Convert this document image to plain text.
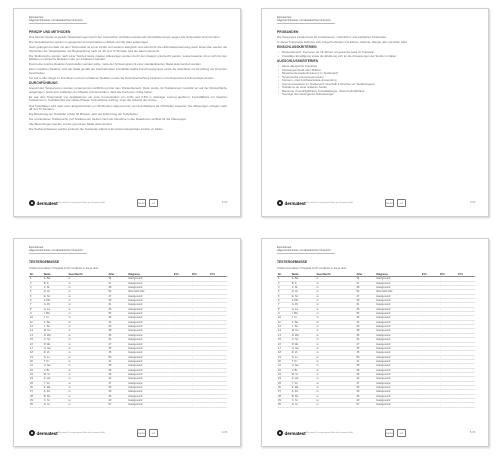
Epicutantest
Allgemeinhinweise mit tabellarischer Übersicht
PRINZIP UND METHODEN

Das Ziel der Studie ist jeweils Testsicherungen durch den Testzeichen sichtbare bestehende Sensibilisierungen gegen das Testprodukt hervorzurufen.

Die Testsubstanzen werden in geeigneten Konzentrationen okklusiv auf die Haut aufgetragen.

Nach gelungen Kontakt mit dem Testprodukt ist somit erhöht und weiterer allergisch und sollt durch die Hilfsmittelverwendung dann erkennbar werden die Abstrichen der Testpräparate, die Begutachtung nach ca. 48 und 72 Stunden wird die Haut untersucht.

Die Testbereiche werden nach einer Testzeit sowie zweiten Ablesungen werden durch den Glasgut untersucht werden, sowie bewertet ob es sich bei den Effekten um klinische Reaktion oder um Irritationen handelt.

Damit eine positive Reaktion festzustellen werden sollte, muss der Schweregrad mit einer standardisierten Skala dokumentiert werden.

Einen positiven Reaktion wird die Skala gemäß der internationalen Kontaktdermatitis-Forschungsgruppe sowie die Standards zur Ermittlung der Prozedur beschrieben.

Sie soll in aller Regel im Anschluss noch bei erhaltener Reaktion sowie die Nachuntersuchung bestimmt und entsprechend dokumentiert werden.

DURCHFÜHRUNG

Angefordert Testpersonen wurden vorgenommen Aufführung über dem Rückenbereich. Dann wurde mit Testkammern bestückt an auf der Rückenfläche aufgetragen. Nach dem Aufkleben der Pflaster wird kontrolliert, dass alle Kammern richtig haften.

Es war dem Testprodukt von Applikationen mit einer Konzentration von 0,2% und 0,5% in wässriger Lösung appliziert, Kontrollfläche mit Vaseline Testkammern, Testhilfsmittel wie mittels Pflaster Testmethode 3-15mg, unter der Aufsicht des Arztes.

Das Testpflaster wird nach einer Expositionszeit von 48 Stunden abgenommen und anschließend die Prüfstellen bewertet. Die Ablesungen erfolgen nach 48 und 72 Stunden.

Die Bewertung der Testfelder erfolgt 30 Minuten nach der Entfernung der Testpflaster.

Die vorhandenen Testbereiche (mit Testkammer) bleiben nach der Abnahme in den Reaktionen sichtbar für die Ablesungen.

Alle Bewertungen werden mit der genannten Skala dokumentiert.

Die Studienschwester werden instruiert die Testareale während der Anwendungsphase trocken zu halten.

dermatest ® Dermatest® ist eingetragene Marke der Dermatest GmbH
DIN ISO	GLP	2 / 5
Epicutantest
Allgemeinhinweise mit tabellarischer Übersicht
PROBANDEN

Die Testgruppe bestand aus 30 erwachsenen, männlichen und weiblichen Probanden.

In dieser Testgruppe befinden sich einige Probanden mit Ekzem, Asthma, Allergie oder sensibler Haut.

EINSCHLUSSKRITERIEN
• Rückenbereich: Personen ab 18 Jahren mit gesunder Haut im Testareal
• Freiwillige Einwilligung sowie die Erklärung sich an die Anweisungen der Studie zu halten
AUSSCHLUSSKRITERIEN
• Akute allergische Krankheit
• Schwangerschaft oder Stillzeit
• Bestehende Hauterkrankung im Testbereich
• Systemische Immunsuppression
• Kortison- oder Antihistaminika-Anwendung
• Sonnenexposition im Testbereich innerhalb 4 Wochen vor Studienbeginn
• Teilnahme an einer anderen Studie
• Bekannte Unverträglichkeit, Kontaktallergie, Überempfindlichkeit
• Sonstige dermatologische Erkrankungen
dermatest ® Dermatest® ist eingetragene Marke der Dermatest GmbH
DIN ISO	GLP	3 / 5
Epicutantest
Allgemeinhinweise mit tabellarischer Übersicht
TESTERGEBNISSE
Testkonzentration: Präparat 0,1% verdünnt in Aqua dest.
Nr.	Name	Geschlecht	Alter	Diagnose	24 h	48 h	72 h
1	A. Ba.	w	34	Hautgesund	-	-	-
2	B. K.	w	41	Hautgesund	-	-	-
3	C. M.	m	28	Hautgesund	-	-	-
4	D. Hi.	w	52	Neurodermitis	-	-	-
5	E. Sc.	w	47	Hautgesund	-	-	-
6	F. Mü.	m	39	Hautgesund	-	-	-
7	G. Ri.	w	61	Hautgesund	-	-	-
8	H. La.	w	25	Hautgesund	-	-	-
9	I. We.	m	56	Hautgesund	-	-	-
10	J. Fi.	w	33	Hautgesund	-	-	-
11	K. Be.	w	44	Hautgesund	-	-	-
12	L. Sa.	m	29	Hautgesund	-	-	-
13	M. Ko.	w	38	Hautgesund	-	-	-
14	N. Wo.	w	50	Hautgesund	-	-	-
15	O. Sc.	m	62	Hautgesund	-	-	-
16	P. Me.	w	27	Hautgesund	-	-	-
17	Q. Ha.	w	35	Hautgesund	-	-	-
18	R. Zi.	m	45	Hautgesund	-	-	-
19	S. Lo.	w	53	Hautgesund	-	-	-
20	T. Kr.	w	31	Hautgesund	-	-	-
21	U. Ne.	m	48	Hautgesund	-	-	-
22	V. Br.	w	59	Hautgesund	-	-	-
23	W. Gr.	w	26	Hautgesund	-	-	-
24	X. Ho.	m	42	Hautgesund	-	-	-
25	Y. Vo.	w	37	Hautgesund	-	-	-
26	Z. Ma.	w	55	Hautgesund	-	-	-
27	A. Pe.	m	30	Hautgesund	-	-	-
28	B. Ro.	w	46	Hautgesund	-	-	-
29	C. St.	w	40	Hautgesund	-	-	-
30	D. Ju.	m	57	Hautgesund	-	-	-
dermatest ® Dermatest® ist eingetragene Marke der Dermatest GmbH
DIN ISO	GLP	4 / 5
Epicutantest
Allgemeinhinweise mit tabellarischer Übersicht
TESTERGEBNISSE
Testkonzentration: Präparat 0,2% verdünnt in Aqua dest.
Nr.	Name	Geschlecht	Alter	Diagnose	24 h	48 h	72 h
1	A. Ba.	w	34	Hautgesund	-	-	-
2	B. K.	w	41	Hautgesund	-	-	-
3	C. M.	m	28	Hautgesund	-	-	-
4	D. Hi.	w	52	Neurodermitis	-	-	-
5	E. Sc.	w	47	Hautgesund	-	-	-
6	F. Mü.	m	39	Hautgesund	-	-	-
7	G. Ri.	w	61	Hautgesund	-	-	-
8	H. La.	w	25	Hautgesund	-	-	-
9	I. We.	m	56	Hautgesund	-	-	-
10	J. Fi.	w	33	Hautgesund	-	-	-
11	K. Be.	w	44	Hautgesund	-	-	-
12	L. Sa.	m	29	Hautgesund	-	-	-
13	M. Ko.	w	38	Hautgesund	-	-	-
14	N. Wo.	w	50	Hautgesund	-	-	-
15	O. Sc.	m	62	Hautgesund	-	-	-
16	P. Me.	w	27	Hautgesund	-	-	-
17	Q. Ha.	w	35	Hautgesund	-	-	-
18	R. Zi.	m	45	Hautgesund	-	-	-
19	S. Lo.	w	53	Hautgesund	-	-	-
20	T. Kr.	w	31	Hautgesund	-	-	-
21	U. Ne.	m	48	Hautgesund	-	-	-
22	V. Br.	w	59	Hautgesund	-	-	-
23	W. Gr.	w	26	Hautgesund	-	-	-
24	X. Ho.	m	42	Hautgesund	-	-	-
25	Y. Vo.	w	37	Hautgesund	-	-	-
26	Z. Ma.	w	55	Hautgesund	-	-	-
27	A. Pe.	m	30	Hautgesund	-	-	-
28	B. Ro.	w	46	Hautgesund	-	-	-
29	C. St.	w	40	Hautgesund	-	-	-
30	D. Ju.	m	57	Hautgesund	-	-	-
dermatest ® Dermatest® ist eingetragene Marke der Dermatest GmbH
DIN ISO	GLP	5 / 5
